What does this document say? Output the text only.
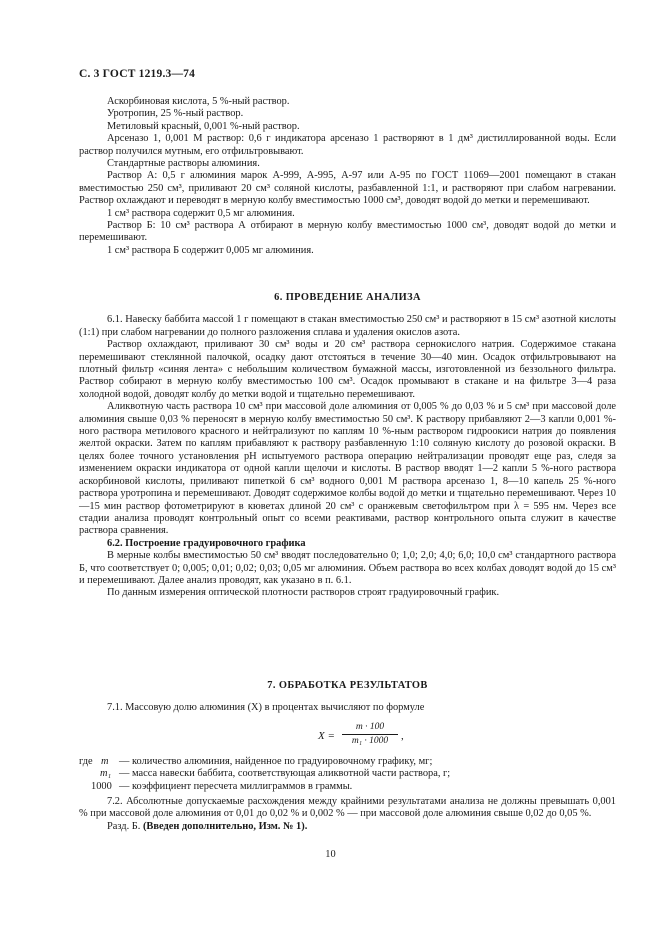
С. 3 ГОСТ 1219.3—74

Аскорбиновая кислота, 5 %-ный раствор.

Уротропин, 25 %-ный раствор.

Метиловый красный, 0,001 %-ный раствор.

Арсеназо 1, 0,001 М раствор: 0,6 г индикатора арсеназо 1 растворяют в 1 дм³ дистиллированной воды. Если раствор получился мутным, его отфильтровывают.

Стандартные растворы алюминия.

Раствор А: 0,5 г алюминия марок А-999, А-995, А-97 или А-95 по ГОСТ 11069—2001 помещают в стакан вместимостью 250 см³, приливают 20 см³ соляной кислоты, разбавленной 1:1, и растворяют при слабом нагревании. Раствор охлаждают и переводят в мерную колбу вместимостью 1000 см³, доводят водой до метки и перемешивают.

1 см³ раствора содержит 0,5 мг алюминия.

Раствор Б: 10 см³ раствора А отбирают в мерную колбу вместимостью 1000 см³, доводят водой до метки и перемешивают.

1 см³ раствора Б содержит 0,005 мг алюминия.

6. ПРОВЕДЕНИЕ АНАЛИЗА

6.1. Навеску баббита массой 1 г помещают в стакан вместимостью 250 см³ и растворяют в 15 см³ азотной кислоты (1:1) при слабом нагревании до полного разложения сплава и удаления окислов азота.

Раствор охлаждают, приливают 30 см³ воды и 20 см³ раствора сернокислого натрия. Содержимое стакана перемешивают стеклянной палочкой, осадку дают отстояться в течение 30—40 мин. Осадок отфильтровывают на плотный фильтр «синяя лента» с небольшим количеством бумажной массы, изготовленной из беззольного фильтра. Раствор собирают в мерную колбу вместимостью 100 см³. Осадок промывают в стакане и на фильтре 3—4 раза холодной водой, доводят колбу до метки водой и тщательно перемешивают.

Аликвотную часть раствора 10 см³ при массовой доле алюминия от 0,005 % до 0,03 % и 5 см³ при массовой доле алюминия свыше 0,03 % переносят в мерную колбу вместимостью 50 см³. К раствору прибавляют 2—3 капли 0,001 %-ного раствора метилового красного и нейтрализуют по каплям 10 %-ным раствором гидроокиси натрия до появления желтой окраски. Затем по каплям прибавляют к раствору разбавленную 1:10 соляную кислоту до розовой окраски. В целях более точного установления pH испытуемого раствора операцию нейтрализации проводят еще раз, следя за изменением окраски индикатора от одной капли щелочи и кислоты. В раствор вводят 1—2 капли 5 %-ного раствора аскорбиновой кислоты, приливают пипеткой 6 см³ водного 0,001 М раствора арсеназо 1, 8—10 капель 25 %-ного раствора уротропина и перемешивают. Доводят содержимое колбы водой до метки и тщательно перемешивают. Через 10—15 мин раствор фотометрируют в кюветах длиной 20 см³ с оранжевым светофильтром при λ = 595 нм. Через все стадии анализа проводят контрольный опыт со всеми реактивами, раствор контрольного опыта служит в качестве раствора сравнения.

6.2. Построение градуировочного графика

В мерные колбы вместимостью 50 см³ вводят последовательно 0; 1,0; 2,0; 4,0; 6,0; 10,0 см³ стандартного раствора Б, что соответствует 0; 0,005; 0,01; 0,02; 0,03; 0,05 мг алюминия. Объем раствора во всех колбах доводят водой до 15 см³ и перемешивают. Далее анализ проводят, как указано в п. 6.1.

По данным измерения оптической плотности растворов строят градуировочный график.

7. ОБРАБОТКА РЕЗУЛЬТАТОВ

7.1. Массовую долю алюминия (X) в процентах вычисляют по формуле

X =
m · 100
m₁ · 1000	,
где m — количество алюминия, найденное по градуировочному графику, мг;
m₁ — масса навески баббита, соответствующая аликвотной части раствора, г;
1000 — коэффициент пересчета миллиграммов в граммы.

7.2. Абсолютные допускаемые расхождения между крайними результатами анализа не должны превышать 0,001 % при массовой доле алюминия от 0,01 до 0,02 % и 0,002 % — при массовой доле алюминия свыше 0,02 до 0,05 %.

Разд. Б. (Введен дополнительно, Изм. № 1).

10
